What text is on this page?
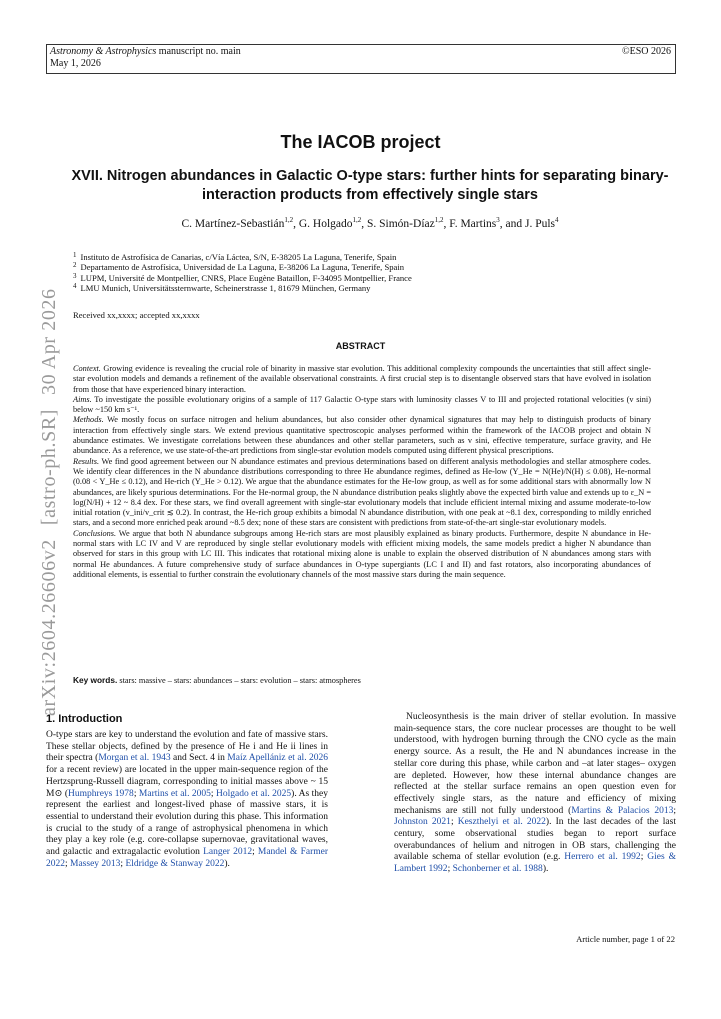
Astronomy & Astrophysics manuscript no. main
May 1, 2026
©ESO 2026
arXiv:2604.26606v2[astro-ph.SR]30 Apr 2026
The IACOB project
XVII. Nitrogen abundances in Galactic O-type stars: further hints for separating binary-interaction products from effectively single stars
C. Martínez-Sebastián$^{1,2}$, G. Holgado$^{1,2}$, S. Simón-Díaz$^{1,2}$, F. Martins$^3$, and J. Puls$^4$
$^1$ Instituto de Astrofísica de Canarias, c/Vía Láctea, S/N, E-38205 La Laguna, Tenerife, Spain
$^2$ Departamento de Astrofísica, Universidad de La Laguna, E-38206 La Laguna, Tenerife, Spain
$^3$ LUPM, Université de Montpellier, CNRS, Place Eugène Bataillon, F-34095 Montpellier, France
$^4$ LMU Munich, Universitätssternwarte, Scheinerstrasse 1, 81679 München, Germany
Received xx,xxxx; accepted xx,xxxx
ABSTRACT

Context. Growing evidence is revealing the crucial role of binarity in massive star evolution. This additional complexity compounds the uncertainties that still affect single-star evolution models and demands a refinement of the available observational constraints. A first crucial step is to disentangle observed stars that have evolved in isolation from those that have experienced binary interaction.

Aims. To investigate the possible evolutionary origins of a sample of 117 Galactic O-type stars with luminosity classes V to III and projected rotational velocities (v sini) below ~150 km s⁻¹.

Methods. We mostly focus on surface nitrogen and helium abundances, but also consider other dynamical signatures that may help to distinguish products of binary interaction from effectively single stars. We extend previous quantitative spectroscopic analyses performed within the framework of the IACOB project and obtain N abundance estimates. We investigate correlations between these abundances and other stellar parameters, such as v sini, effective temperature, surface gravity, and He abundance. As a reference, we use state-of-the-art predictions from single-star evolution models computed using different physical prescriptions.

Results. We find good agreement between our N abundance estimates and previous determinations based on different analysis methodologies and stellar atmosphere codes. We identify clear differences in the N abundance distributions corresponding to three He abundance regimes, defined as He-low (Y_He = N(He)/N(H) ≤ 0.08), He-normal (0.08 < Y_He ≤ 0.12), and He-rich (Y_He > 0.12). We argue that the abundance estimates for the He-low group, as well as for some additional stars with abnormally low N abundances, are likely spurious determinations. For the He-normal group, the N abundance distribution peaks slightly above the expected birth value and extends up to ε_N = log(N/H) + 12 ~ 8.4 dex. For these stars, we find overall agreement with single-star evolutionary models that include efficient internal mixing and assume moderate-to-low initial rotation (v_ini/v_crit ≲ 0.2). In contrast, the He-rich group exhibits a bimodal N abundance distribution, with one peak at ~8.1 dex, corresponding to mildly enriched stars, and a second more enriched peak around ~8.5 dex; none of these stars are consistent with predictions from state-of-the-art single-star evolutionary models.

Conclusions. We argue that both N abundance subgroups among He-rich stars are most plausibly explained as binary products. Furthermore, despite N abundance in He-normal stars with LC IV and V are reproduced by single stellar evolutionary models with efficient mixing models, the same models predict a higher N abundance than observed for stars in this group with LC III. This indicates that rotational mixing alone is unable to explain the observed distribution of N abundances among stars with normal He abundances. A future comprehensive study of surface abundances in O-type supergiants (LC I and II) and fast rotators, also incorporating abundances of additional elements, is essential to further constrain the evolutionary channels of the most massive stars during the main sequence.

Key words. stars: massive – stars: abundances – stars: evolution – stars: atmospheres
1. Introduction

O-type stars are key to understand the evolution and fate of massive stars. These stellar objects, defined by the presence of He i and He ii lines in their spectra (Morgan et al. 1943 and Sect. 4 in Maíz Apellániz et al. 2026 for a recent review) are located in the upper main-sequence region of the Hertzsprung-Russell diagram, corresponding to initial masses above ~ 15 M⊙ (Humphreys 1978; Martins et al. 2005; Holgado et al. 2025). As they represent the earliest and longest-lived phase of massive stars, it is essential to understand their evolution during this phase. This information is crucial to the study of a range of astrophysical phenomena in which they play a key role (e.g. core-collapse supernovae, gravitational waves, and galactic and extragalactic evolution Langer 2012; Mandel & Farmer 2022; Massey 2013; Eldridge & Stanway 2022).

Nucleosynthesis is the main driver of stellar evolution. In massive main-sequence stars, the core nuclear processes are thought to be well understood, with hydrogen burning through the CNO cycle as the main energy source. As a result, the He and N abundances increase in the stellar core during this phase, while carbon and –at later stages– oxygen are depleted. However, how these internal abundance changes are reflected at the stellar surface remains an open question even for effectively single stars, as the nature and efficiency of mixing mechanisms are still not fully understood (Martins & Palacios 2013; Johnston 2021; Keszthelyi et al. 2022). In the last decades of the last century, some observational studies began to report surface overabundances of helium and nitrogen in OB stars, challenging the available schema of stellar evolution (e.g. Herrero et al. 1992; Gies & Lambert 1992; Schonberner et al. 1988).

Article number, page 1 of 22
